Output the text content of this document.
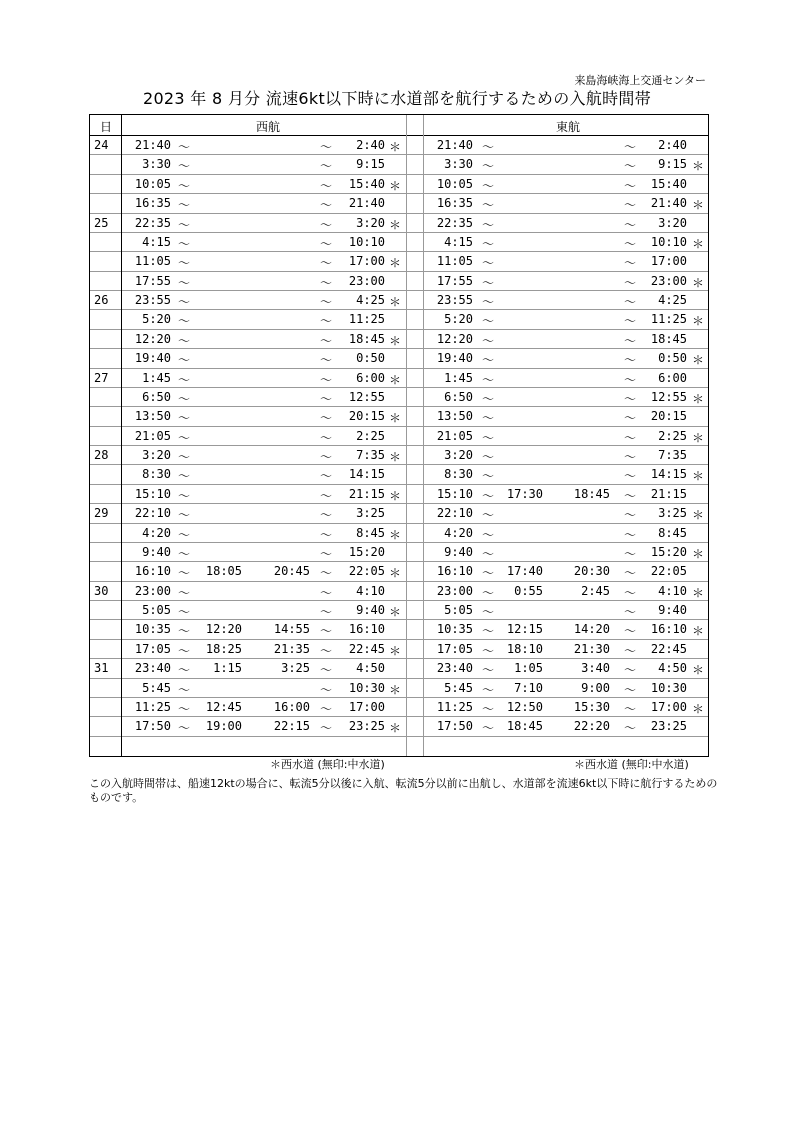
来島海峡海上交通センター
2023 年 8 月分 流速6kt以下時に水道部を航行するための入航時間帯
日	西航	東航
24	21:40 ～	～	2:40 ＊	21:40 ～	～	2:40
3:30 ～	～	9:15	3:30 ～	～	9:15 ＊
10:05 ～	～	15:40 ＊	10:05 ～	～	15:40
16:35 ～	～	21:40	16:35 ～	～	21:40 ＊
25	22:35 ～	～	3:20 ＊	22:35 ～	～	3:20
4:15 ～	～	10:10	4:15 ～	～	10:10 ＊
11:05 ～	～	17:00 ＊	11:05 ～	～	17:00
17:55 ～	～	23:00	17:55 ～	～	23:00 ＊
26	23:55 ～	～	4:25 ＊	23:55 ～	～	4:25
5:20 ～	～	11:25	5:20 ～	～	11:25 ＊
12:20 ～	～	18:45 ＊	12:20 ～	～	18:45
19:40 ～	～	0:50	19:40 ～	～	0:50 ＊
27	1:45 ～	～	6:00 ＊	1:45 ～	～	6:00
6:50 ～	～	12:55	6:50 ～	～	12:55 ＊
13:50 ～	～	20:15 ＊	13:50 ～	～	20:15
21:05 ～	～	2:25	21:05 ～	～	2:25 ＊
28	3:20 ～	～	7:35 ＊	3:20 ～	～	7:35
8:30 ～	～	14:15	8:30 ～	～	14:15 ＊
15:10 ～	～	21:15 ＊	15:10 ～	17:30	18:45 ～	21:15
29	22:10 ～	～	3:25	22:10 ～	～	3:25 ＊
4:20 ～	～	8:45 ＊	4:20 ～	～	8:45
9:40 ～	～	15:20	9:40 ～	～	15:20 ＊
16:10 ～	18:05	20:45 ～	22:05 ＊	16:10 ～	17:40	20:30 ～	22:05
30	23:00 ～	～	4:10	23:00 ～	0:55	2:45 ～	4:10 ＊
5:05 ～	～	9:40 ＊	5:05 ～	～	9:40
10:35 ～	12:20	14:55 ～	16:10	10:35 ～	12:15	14:20 ～	16:10 ＊
17:05 ～	18:25	21:35 ～	22:45 ＊	17:05 ～	18:10	21:30 ～	22:45
31	23:40 ～	1:15	3:25 ～	4:50	23:40 ～	1:05	3:40 ～	4:50 ＊
5:45 ～	～	10:30 ＊	5:45 ～	7:10	9:00 ～	10:30
11:25 ～	12:45	16:00 ～	17:00	11:25 ～	12:50	15:30 ～	17:00 ＊
17:50 ～	19:00	22:15 ～	23:25 ＊	17:50 ～	18:45	22:20 ～	23:25
＊西水道 (無印:中水道)	＊西水道 (無印:中水道)
この入航時間帯は、船速12ktの場合に、転流5分以後に入航、転流5分以前に出航し、水道部を流速6kt以下時に航行するためのものです。
